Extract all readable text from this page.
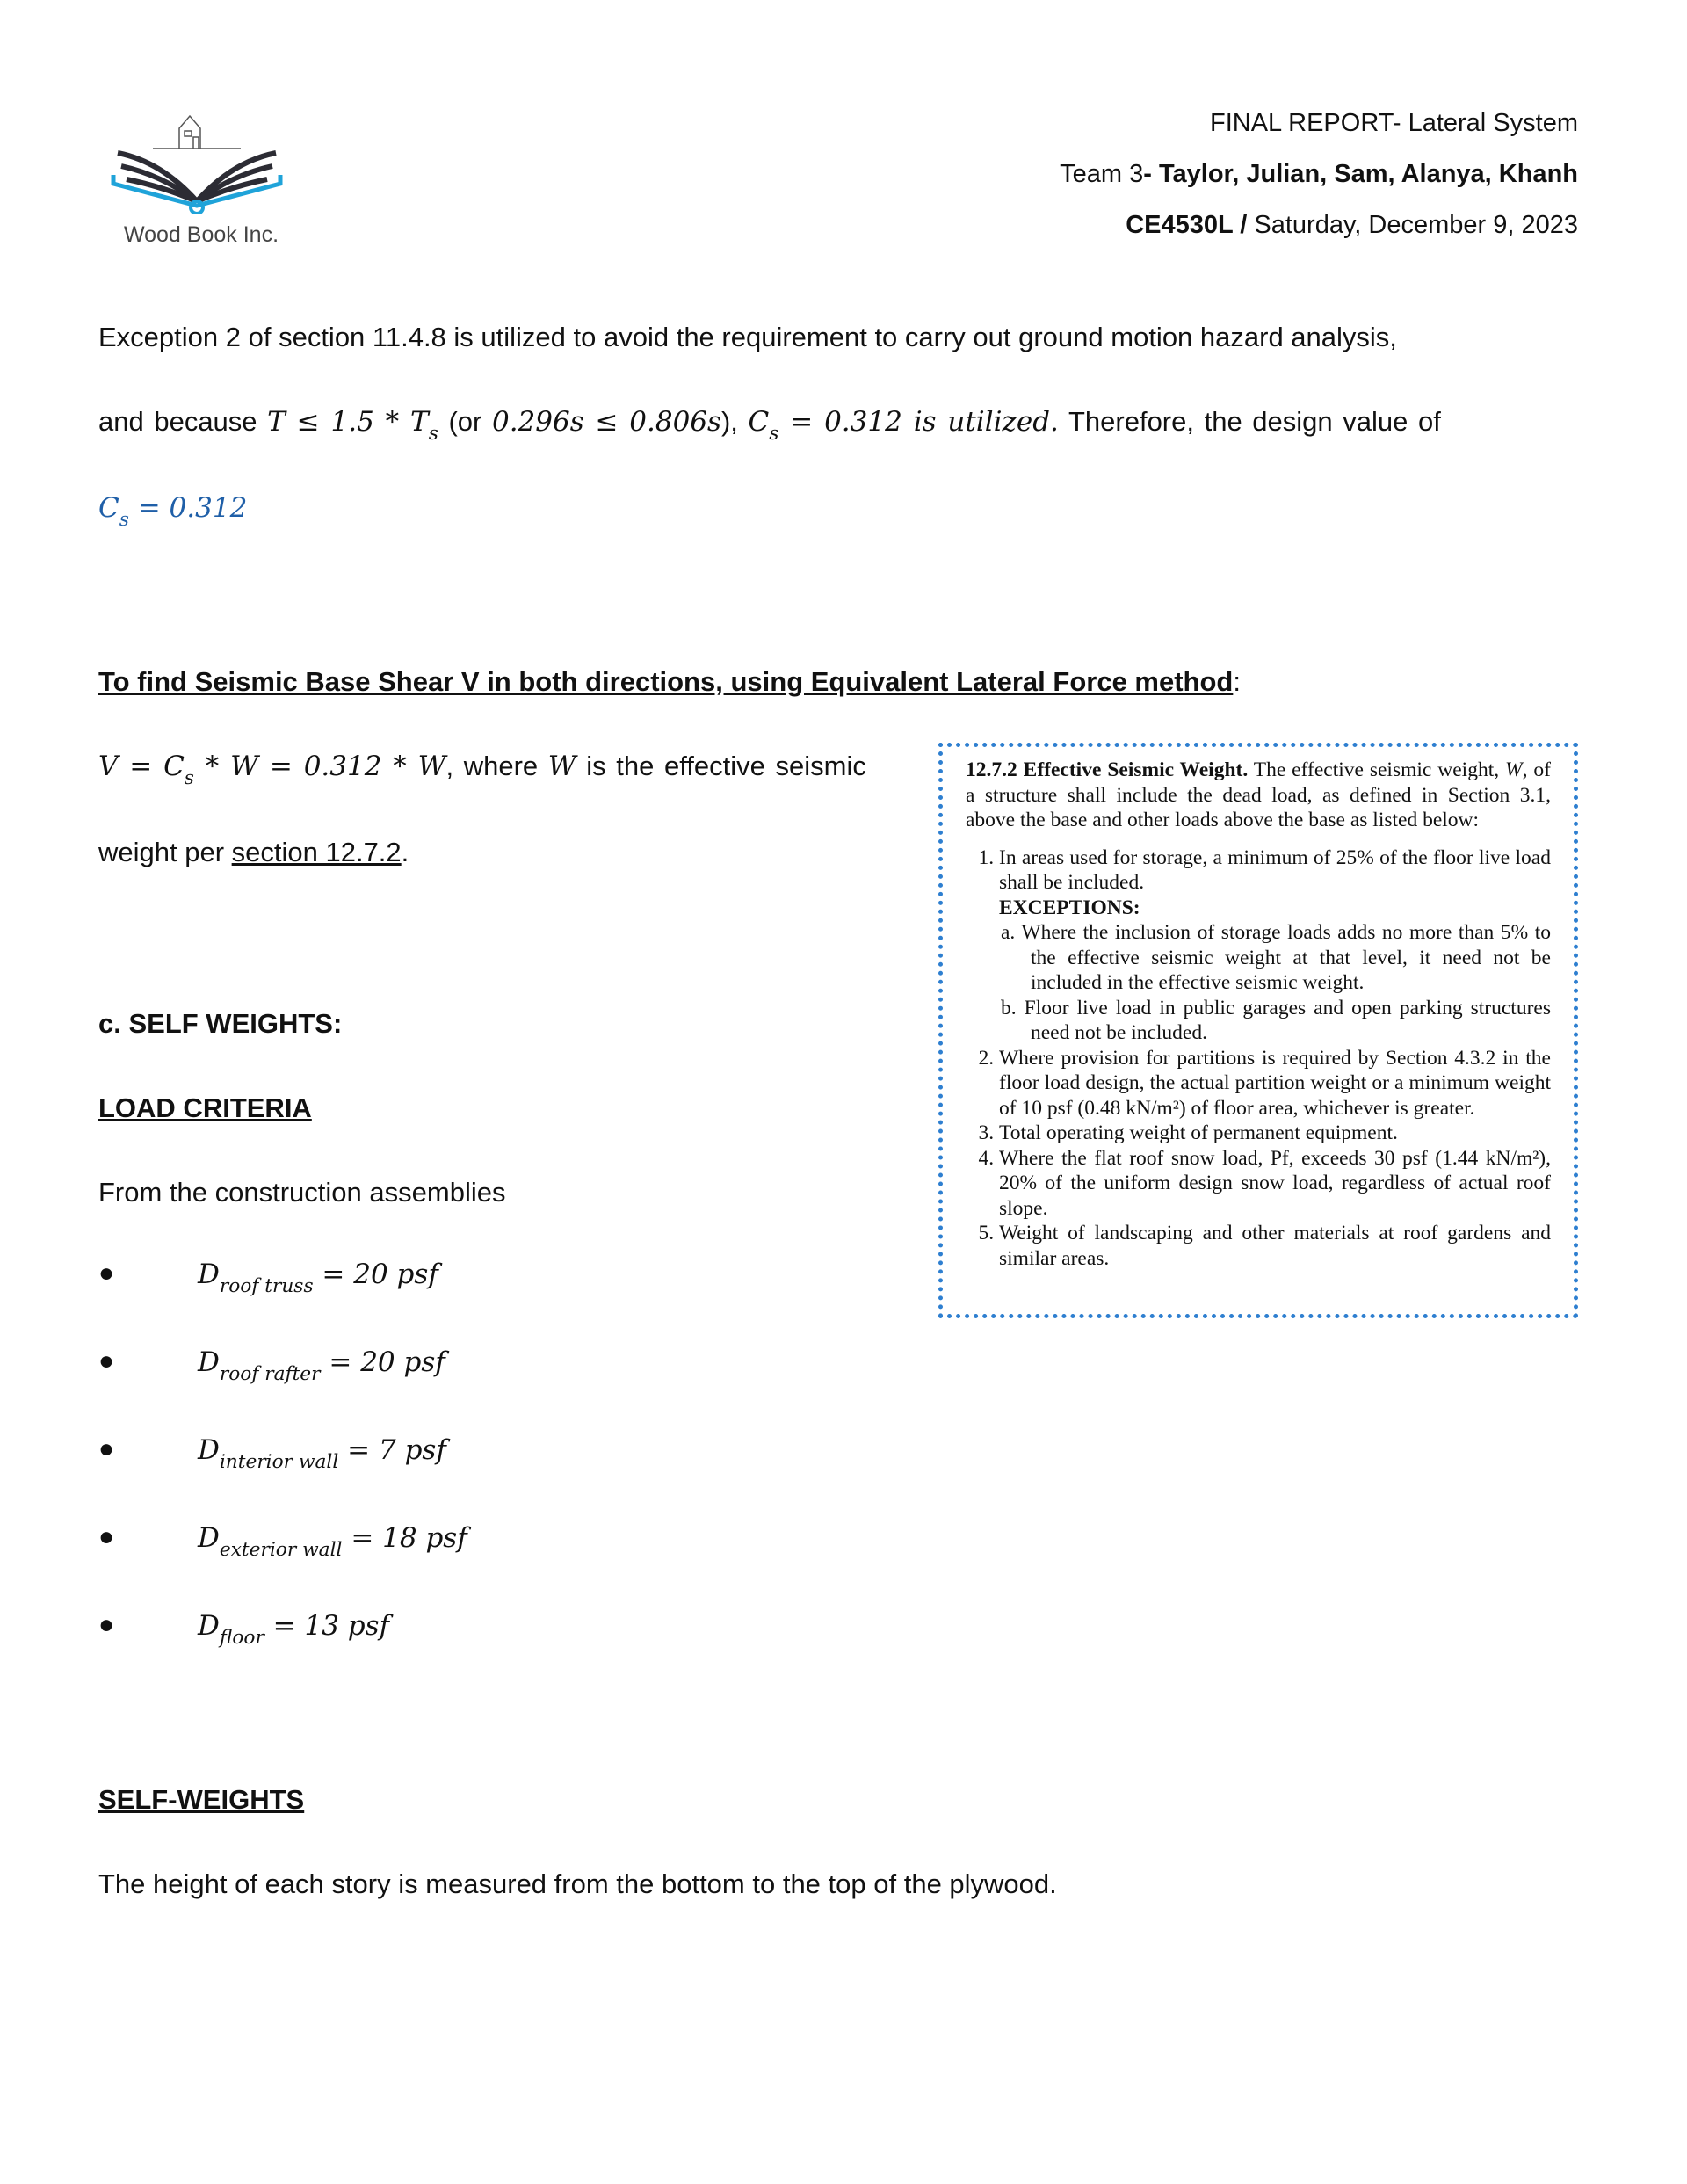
Wood Book Inc.
FINAL REPORT- Lateral System
Team 3- Taylor, Julian, Sam, Alanya, Khanh
CE4530L / Saturday, December 9, 2023
Exception 2 of section 11.4.8 is utilized to avoid the requirement to carry out ground motion hazard analysis,
and because $T \le 1.5 * T_s$ (or 0.296s ≤ 0.806s), $C_s = 0.312$ is utilized. Therefore, the design value of
$C_s = 0.312$
To find Seismic Base Shear V in both directions, using Equivalent Lateral Force method:
$V = C_s * W = 0.312 * W$, where W is the effective seismic
weight per section 12.7.2.
12.7.2 Effective Seismic Weight. The effective seismic weight, W, of a structure shall include the dead load, as defined in Section 3.1, above the base and other loads above the base as listed below:
1. In areas used for storage, a minimum of 25% of the floor live load shall be included.
EXCEPTIONS:
a. Where the inclusion of storage loads adds no more than 5% to the effective seismic weight at that level, it need not be included in the effective seismic weight.
b. Floor live load in public garages and open parking structures need not be included.
2. Where provision for partitions is required by Section 4.3.2 in the floor load design, the actual partition weight or a minimum weight of 10 psf (0.48 kN/m²) of floor area, whichever is greater.
3. Total operating weight of permanent equipment.
4. Where the flat roof snow load, Pf, exceeds 30 psf (1.44 kN/m²), 20% of the uniform design snow load, regardless of actual roof slope.
5. Weight of landscaping and other materials at roof gardens and similar areas.
c. SELF WEIGHTS:
LOAD CRITERIA
From the construction assemblies
●	$D_{roof truss} = 20$ psf
●	$D_{roof rafter} = 20$ psf
●	$D_{interior wall} = 7$ psf
●	$D_{exterior wall} = 18$ psf
●	$D_{floor} = 13$ psf
SELF-WEIGHTS
The height of each story is measured from the bottom to the top of the plywood.
